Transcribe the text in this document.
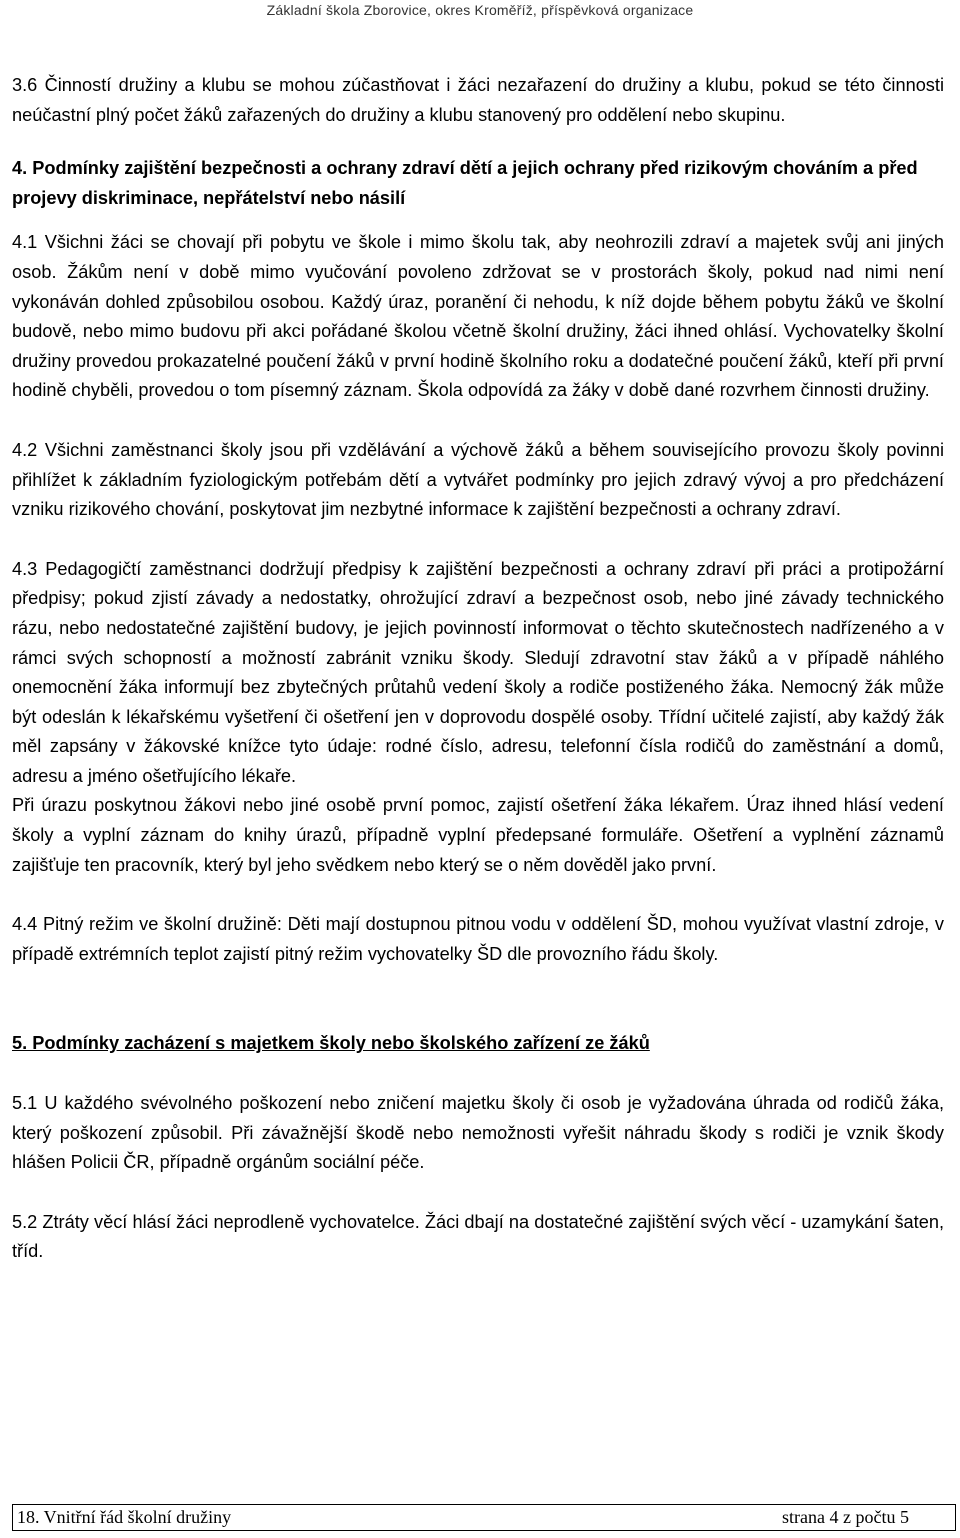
Základní škola Zborovice, okres Kroměříž, příspěvková organizace

3.6 Činností družiny a klubu se mohou zúčastňovat i žáci nezařazení do družiny a klubu, pokud se této činnosti neúčastní plný počet žáků zařazených do družiny a klubu stanovený pro oddělení nebo skupinu.

4. Podmínky zajištění bezpečnosti a ochrany zdraví dětí a jejich ochrany před rizikovým chováním a před projevy diskriminace, nepřátelství nebo násilí

4.1 Všichni žáci se chovají při pobytu ve škole i mimo školu tak, aby neohrozili zdraví a majetek svůj ani jiných osob. Žákům není v době mimo vyučování povoleno zdržovat se v prostorách školy, pokud nad nimi není vykonáván dohled způsobilou osobou. Každý úraz, poranění či nehodu, k níž dojde během pobytu žáků ve školní budově, nebo mimo budovu při akci pořádané školou včetně školní družiny, žáci ihned ohlásí. Vychovatelky školní družiny provedou prokazatelné poučení žáků v první hodině školního roku a dodatečné poučení žáků, kteří při první hodině chyběli, provedou o tom písemný záznam. Škola odpovídá za žáky v době dané rozvrhem činnosti družiny.

4.2 Všichni zaměstnanci školy jsou při vzdělávání a výchově žáků a během souvisejícího provozu školy povinni přihlížet k základním fyziologickým potřebám dětí a vytvářet podmínky pro jejich zdravý vývoj a pro předcházení vzniku rizikového chování, poskytovat jim nezbytné informace k zajištění bezpečnosti a ochrany zdraví.

4.3 Pedagogičtí zaměstnanci dodržují předpisy k zajištění bezpečnosti a ochrany zdraví při práci a protipožární předpisy; pokud zjistí závady a nedostatky, ohrožující zdraví a bezpečnost osob, nebo jiné závady technického rázu, nebo nedostatečné zajištění budovy, je jejich povinností informovat o těchto skutečnostech nadřízeného a v rámci svých schopností a možností zabránit vzniku škody. Sledují zdravotní stav žáků a v případě náhlého onemocnění žáka informují bez zbytečných průtahů vedení školy a rodiče postiženého žáka. Nemocný žák může být odeslán k lékařskému vyšetření či ošetření jen v doprovodu dospělé osoby. Třídní učitelé zajistí, aby každý žák měl zapsány v žákovské knížce tyto údaje: rodné číslo, adresu, telefonní čísla rodičů do zaměstnání a domů, adresu a jméno ošetřujícího lékaře.

Při úrazu poskytnou žákovi nebo jiné osobě první pomoc, zajistí ošetření žáka lékařem. Úraz ihned hlásí vedení školy a vyplní záznam do knihy úrazů, případně vyplní předepsané formuláře. Ošetření a vyplnění záznamů zajišťuje ten pracovník, který byl jeho svědkem nebo který se o něm dověděl jako první.

4.4 Pitný režim ve školní družině: Děti mají dostupnou pitnou vodu v oddělení ŠD, mohou využívat vlastní zdroje, v případě extrémních teplot zajistí pitný režim vychovatelky ŠD dle provozního řádu školy.

5. Podmínky zacházení s majetkem školy nebo školského zařízení ze žáků

5.1 U každého svévolného poškození nebo zničení majetku školy či osob je vyžadována úhrada od rodičů žáka, který poškození způsobil. Při závažnější škodě nebo nemožnosti vyřešit náhradu škody s rodiči je vznik škody hlášen Policii ČR, případně orgánům sociální péče.

5.2 Ztráty věcí hlásí žáci neprodleně vychovatelce. Žáci dbají na dostatečné zajištění svých věcí - uzamykání šaten, tříd.

18. Vnitřní řád školní družiny	strana 4 z počtu 5
